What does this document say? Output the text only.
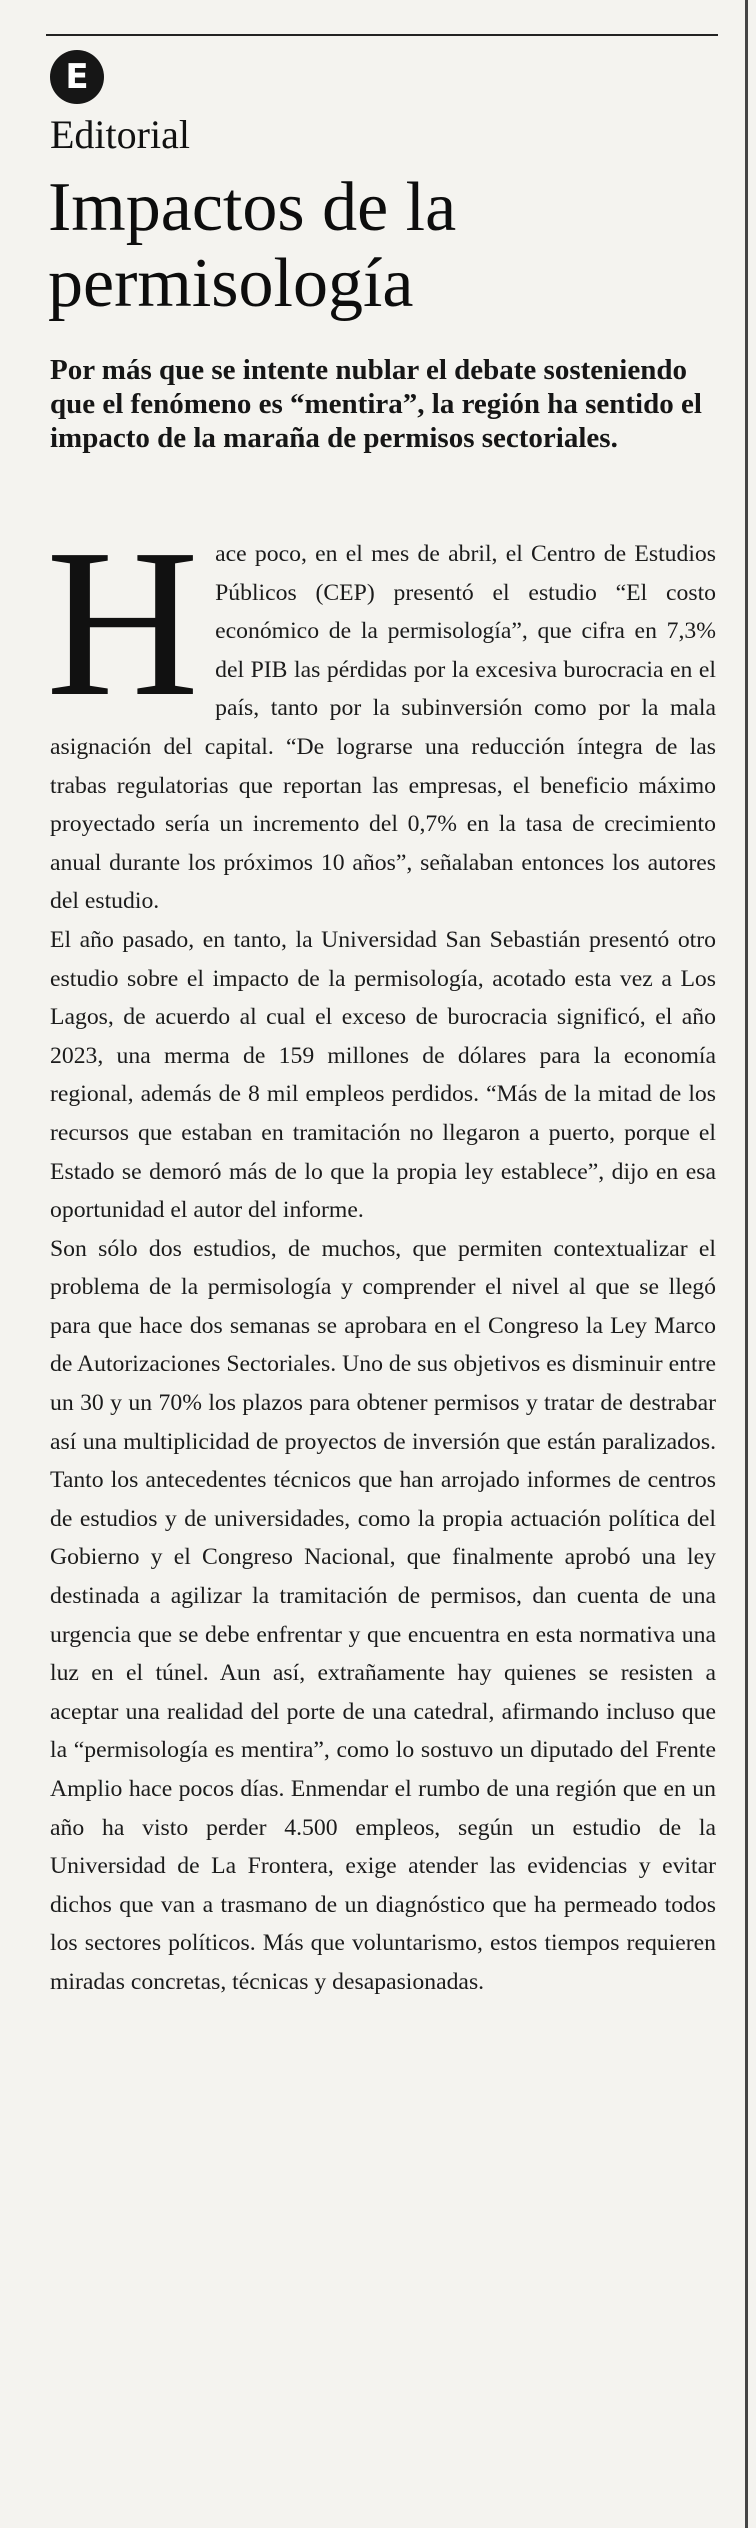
E
Editorial
Impactos de la permisología

Por más que se intente nublar el debate sosteniendo que el fenómeno es “mentira”, la región ha sentido el impacto de la maraña de permisos sectoriales.

Hace poco, en el mes de abril, el Centro de Estudios Públicos (CEP) presentó el estudio “El costo económico de la permisología”, que cifra en 7,3% del PIB las pérdidas por la excesiva burocracia en el país, tanto por la subinversión como por la mala asignación del capital. “De lograrse una reducción íntegra de las trabas regulatorias que reportan las empresas, el beneficio máximo proyectado sería un incremento del 0,7% en la tasa de crecimiento anual durante los próximos 10 años”, señalaban entonces los autores del estudio.

El año pasado, en tanto, la Universidad San Sebastián presentó otro estudio sobre el impacto de la permisología, acotado esta vez a Los Lagos, de acuerdo al cual el exceso de burocracia significó, el año 2023, una merma de 159 millones de dólares para la economía regional, además de 8 mil empleos perdidos. “Más de la mitad de los recursos que estaban en tramitación no llegaron a puerto, porque el Estado se demoró más de lo que la propia ley establece”, dijo en esa oportunidad el autor del informe.

Son sólo dos estudios, de muchos, que permiten contextualizar el problema de la permisología y comprender el nivel al que se llegó para que hace dos semanas se aprobara en el Congreso la Ley Marco de Autorizaciones Sectoriales. Uno de sus objetivos es disminuir entre un 30 y un 70% los plazos para obtener permisos y tratar de destrabar así una multiplicidad de proyectos de inversión que están paralizados. Tanto los antecedentes técnicos que han arrojado informes de centros de estudios y de universidades, como la propia actuación política del Gobierno y el Congreso Nacional, que finalmente aprobó una ley destinada a agilizar la tramitación de permisos, dan cuenta de una urgencia que se debe enfrentar y que encuentra en esta normativa una luz en el túnel. Aun así, extrañamente hay quienes se resisten a aceptar una realidad del porte de una catedral, afirmando incluso que la “permisología es mentira”, como lo sostuvo un diputado del Frente Amplio hace pocos días. Enmendar el rumbo de una región que en un año ha visto perder 4.500 empleos, según un estudio de la Universidad de La Frontera, exige atender las evidencias y evitar dichos que van a trasmano de un diagnóstico que ha permeado todos los sectores políticos. Más que voluntarismo, estos tiempos requieren miradas concretas, técnicas y desapasionadas.
